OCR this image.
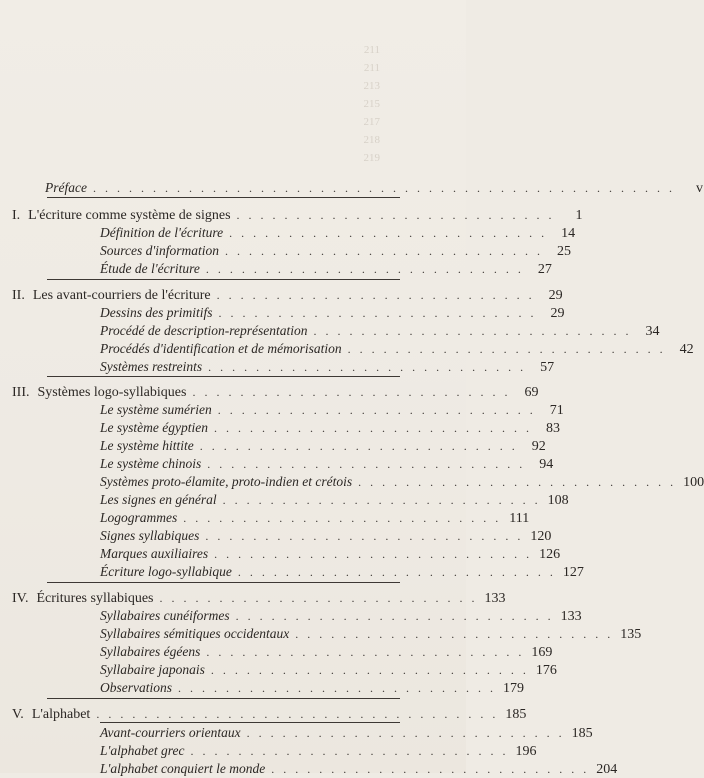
211
211
213
215
217
218
219
Préface . . . . . . . . . . . . . . . . . . . . . . . . . . . . . . . . . . . . . . . . . . . . . . . . .	v
I. L'écriture comme système de signes . . . . . . . . . . . . . . . . . . . . . . . . . . .	1
Définition de l'écriture . . . . . . . . . . . . . . . . . . . . . . . . . . .	14
Sources d'information . . . . . . . . . . . . . . . . . . . . . . . . . . .	25
Étude de l'écriture . . . . . . . . . . . . . . . . . . . . . . . . . . .	27
II. Les avant-courriers de l'écriture . . . . . . . . . . . . . . . . . . . . . . . . . . .	29
Dessins des primitifs . . . . . . . . . . . . . . . . . . . . . . . . . . .	29
Procédé de description-représentation . . . . . . . . . . . . . . . . . . . . . . . . . . .	34
Procédés d'identification et de mémorisation . . . . . . . . . . . . . . . . . . . . . . . . . . .	42
Systèmes restreints . . . . . . . . . . . . . . . . . . . . . . . . . . .	57
III. Systèmes logo-syllabiques . . . . . . . . . . . . . . . . . . . . . . . . . . .	69
Le système sumérien . . . . . . . . . . . . . . . . . . . . . . . . . . .	71
Le système égyptien . . . . . . . . . . . . . . . . . . . . . . . . . . .	83
Le système hittite . . . . . . . . . . . . . . . . . . . . . . . . . . .	92
Le système chinois . . . . . . . . . . . . . . . . . . . . . . . . . . .	94
Systèmes proto-élamite, proto-indien et crétois . . . . . . . . . . . . . . . . . . . . . . . . . . . 100
Les signes en général . . . . . . . . . . . . . . . . . . . . . . . . . . . 108
Logogrammes . . . . . . . . . . . . . . . . . . . . . . . . . . . 111
Signes syllabiques . . . . . . . . . . . . . . . . . . . . . . . . . . . 120
Marques auxiliaires . . . . . . . . . . . . . . . . . . . . . . . . . . . 126
Écriture logo-syllabique . . . . . . . . . . . . . . . . . . . . . . . . . . . 127
IV. Écritures syllabiques . . . . . . . . . . . . . . . . . . . . . . . . . . . 133
Syllabaires cunéiformes . . . . . . . . . . . . . . . . . . . . . . . . . . . 133
Syllabaires sémitiques occidentaux . . . . . . . . . . . . . . . . . . . . . . . . . . . 135
Syllabaires égéens . . . . . . . . . . . . . . . . . . . . . . . . . . . 169
Syllabaire japonais . . . . . . . . . . . . . . . . . . . . . . . . . . . 176
Observations . . . . . . . . . . . . . . . . . . . . . . . . . . . 179
V. L'alphabet . . . . . . . . . . . . . . . . . . . . . . . . . . . . . . . . . . 185
Avant-courriers orientaux . . . . . . . . . . . . . . . . . . . . . . . . . . . 185
L'alphabet grec . . . . . . . . . . . . . . . . . . . . . . . . . . . 196
L'alphabet conquiert le monde . . . . . . . . . . . . . . . . . . . . . . . . . . . 204
